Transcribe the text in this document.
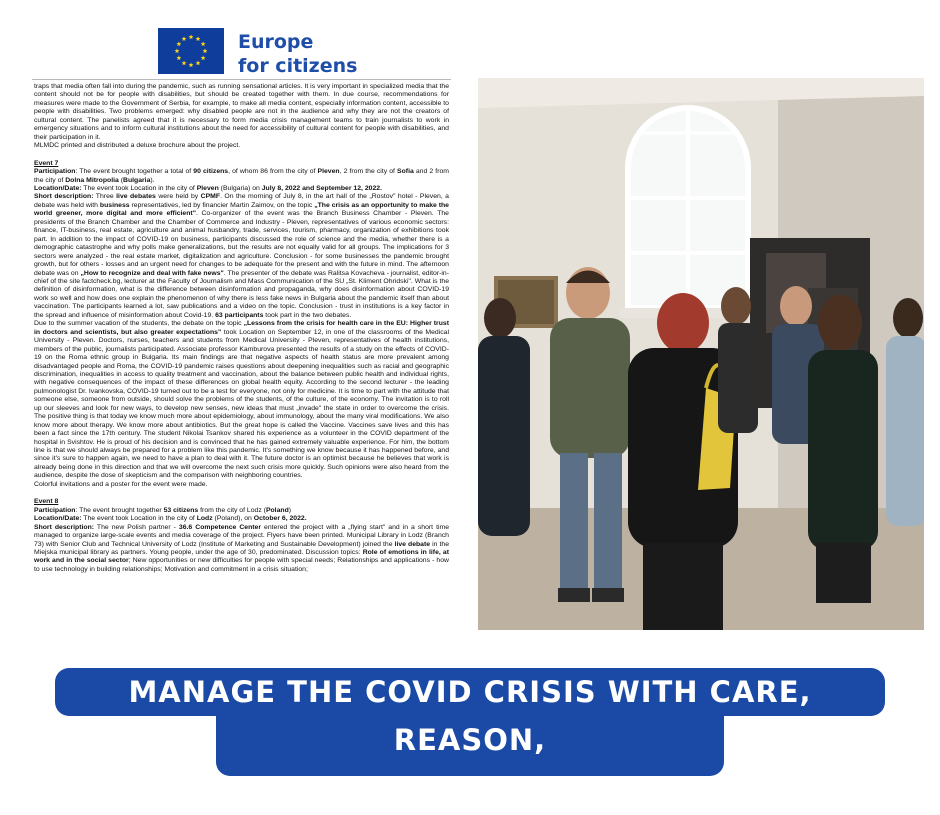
Europe
for citizens

traps that media often fall into during the pandemic, such as running sensational articles. It is very important in specialized media that the content should not be for people with disabilities, but should be created together with them. In due course, recommendations for measures were made to the Government of Serbia, for example, to make all media content, especially information content, accessible to people with disabilities. Two problems emerged: why disabled people are not in the audience and why they are not the creators of cultural content. The panelists agreed that it is necessary to form media crisis management teams to train journalists to work in emergency situations and to inform cultural institutions about the need for accessibility of cultural content for people with disabilities, and their participation in it.

MLMDC printed and distributed a deluxe brochure about the project.

Event 7

Participation: The event brought together a total of 90 citizens, of whom 86 from the city of Pleven, 2 from the city of Sofia and 2 from the city of Dolna Mitropolia (Bulgaria).

Location/Date: The event took Location in the city of Pleven (Bulgaria) on July 8, 2022 and September 12, 2022.

Short description: Three live debates were held by CPMF. On the morning of July 8, in the art hall of the „Rostov" hotel - Pleven, a debate was held with business representatives, led by financier Martin Zaimov, on the topic „The crisis as an opportunity to make the world greener, more digital and more efficient". Co-organizer of the event was the Branch Business Chamber - Pleven. The presidents of the Branch Chamber and the Chamber of Commerce and Industry - Pleven, representatives of various economic sectors: finance, IT-business, real estate, agriculture and animal husbandry, trade, services, tourism, pharmacy, organization of exhibitions took part. In addition to the impact of COVID-19 on business, participants discussed the role of science and the media, whether there is a demographic catastrophe and why polls make generalizations, but the results are not equally valid for all groups. The implications for 3 sectors were analyzed - the real estate market, digitalization and agriculture. Conclusion - for some businesses the pandemic brought growth, but for others - losses and an urgent need for changes to be adequate for the present and with the future in mind. The afternoon debate was on „How to recognize and deal with fake news". The presenter of the debate was Ralitsa Kovacheva - journalist, editor-in-chief of the site factcheck.bg, lecturer at the Faculty of Journalism and Mass Communication of the SU „St. Kliment Ohridski". What is the definition of disinformation, what is the difference between disinformation and propaganda, why does disinformation about COVID-19 work so well and how does one explain the phenomenon of why there is less fake news in Bulgaria about the pandemic itself than about vaccination. The participants learned a lot, saw publications and a video on the topic. Conclusion - trust in institutions is a key factor in the spread and influence of misinformation about Covid-19. 63 participants took part in the two debates.

Due to the summer vacation of the students, the debate on the topic „Lessons from the crisis for health care in the EU: Higher trust in doctors and scientists, but also greater expectations" took Location on September 12, in one of the classrooms of the Medical University - Pleven. Doctors, nurses, teachers and students from Medical University - Pleven, representatives of health institutions, members of the public, journalists participated. Associate professor Kamburova presented the results of a study on the effects of COVID-19 on the Roma ethnic group in Bulgaria. Its main findings are that negative aspects of health status are more prevalent among disadvantaged people and Roma, the COVID-19 pandemic raises questions about deepening inequalities such as racial and geographic discrimination, inequalities in access to quality treatment and vaccination, about the balance between public health and individual rights, with negative consequences of the impact of these differences on global health equity. According to the second lecturer - the leading pulmonologist Dr. Ivankovska, COVID-19 turned out to be a test for everyone, not only for medicine. It is time to part with the attitude that someone else, someone from outside, should solve the problems of the students, of the culture, of the economy. The invitation is to roll up our sleeves and look for new ways, to develop new senses, new ideas that must „invade" the state in order to overcome the crisis. The positive thing is that today we know much more about epidemiology, about immunology, about the many viral modifications. We also know more about therapy. We know more about antibiotics. But the great hope is called the Vaccine. Vaccines save lives and this has been a fact since the 17th century. The student Nikolai Tsankov shared his experience as a volunteer in the COVID department of the hospital in Svishtov. He is proud of his decision and is convinced that he has gained extremely valuable experience. For him, the bottom line is that we should always be prepared for a problem like this pandemic. It's something we know because it has happened before, and since it's sure to happen again, we need to have a plan to deal with it. The future doctor is an optimist because he believes that work is already being done in this direction and that we will overcome the next such crisis more quickly. Such opinions were also heard from the audience, despite the dose of skepticism and the comparison with neighboring countries.

Colorful invitations and a poster for the event were made.

Event 8

Participation: The event brought together 53 citizens from the city of Lodz (Poland)

Location/Date: The event took Location in the city of Lodz (Poland), on October 6, 2022.

Short description: The new Polish partner - 36.6 Competence Center entered the project with a „flying start" and in a short time managed to organize large-scale events and media coverage of the project. Flyers have been printed. Municipal Library in Lodz (Branch 73) with Senior Club and Technical University of Lodz (Institute of Marketing and Sustainable Development) joined the live debate in the Miejska municipal library as partners. Young people, under the age of 30, predominated. Discussion topics: Role of emotions in life, at work and in the social sector; New opportunities or new difficulties for people with special needs; Relationships and applications - how to use technology in building relationships; Motivation and commitment in a crisis situation;

MANAGE THE COVID CRISIS WITH CARE, REASON,
VALUES, UNITY, SOLIDARITY
